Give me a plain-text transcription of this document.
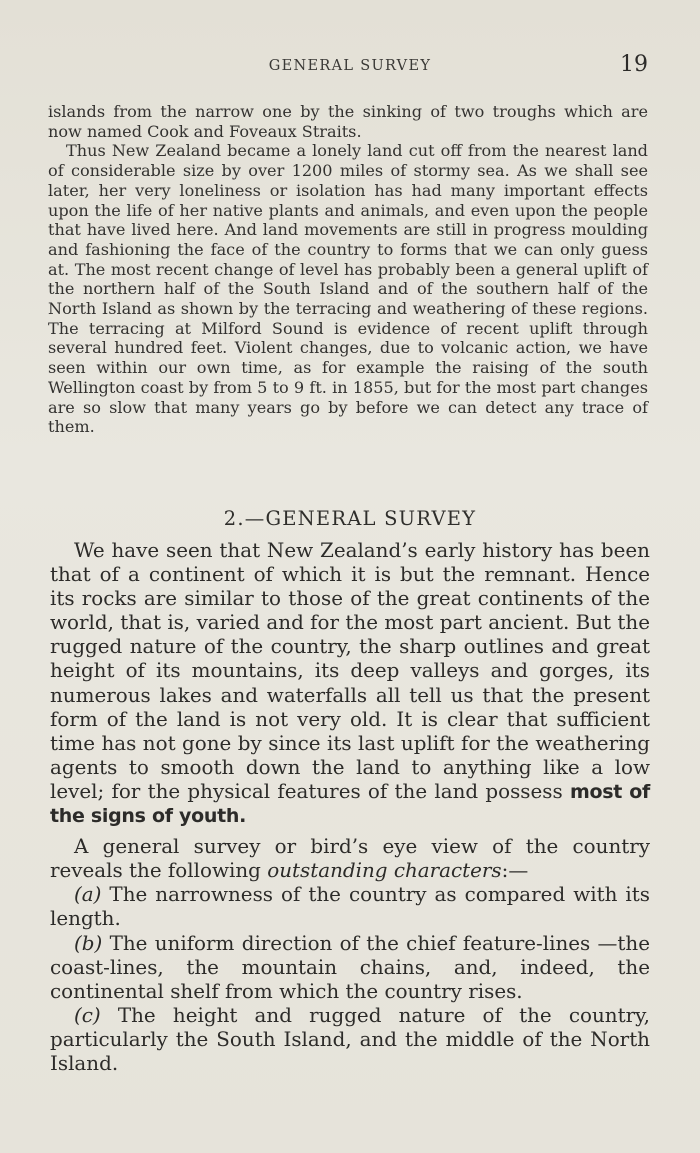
GENERAL SURVEY	19

islands from the narrow one by the sinking of two troughs which are now named Cook and Foveaux Straits.

Thus New Zealand became a lonely land cut off from the nearest land of considerable size by over 1200 miles of stormy sea. As we shall see later, her very loneliness or isolation has had many important effects upon the life of her native plants and animals, and even upon the people that have lived here. And land movements are still in progress moulding and fashioning the face of the country to forms that we can only guess at. The most recent change of level has probably been a general uplift of the northern half of the South Island and of the southern half of the North Island as shown by the terracing and weathering of these regions. The terracing at Milford Sound is evidence of recent uplift through several hundred feet. Violent changes, due to volcanic action, we have seen within our own time, as for example the raising of the south Wellington coast by from 5 to 9 ft. in 1855, but for the most part changes are so slow that many years go by before we can detect any trace of them.

2.—GENERAL SURVEY

We have seen that New Zealand’s early history has been that of a continent of which it is but the remnant. Hence its rocks are similar to those of the great continents of the world, that is, varied and for the most part ancient. But the rugged nature of the country, the sharp outlines and great height of its mountains, its deep valleys and gorges, its numerous lakes and waterfalls all tell us that the present form of the land is not very old. It is clear that sufficient time has not gone by since its last uplift for the weathering agents to smooth down the land to anything like a low level; for the physical features of the land possess most of the signs of youth.

A general survey or bird’s eye view of the country reveals the following outstanding characters:—

(a) The narrowness of the country as compared with its length.

(b) The uniform direction of the chief feature-lines —the coast-lines, the mountain chains, and, indeed, the continental shelf from which the country rises.

(c) The height and rugged nature of the country, particularly the South Island, and the middle of the North Island.
